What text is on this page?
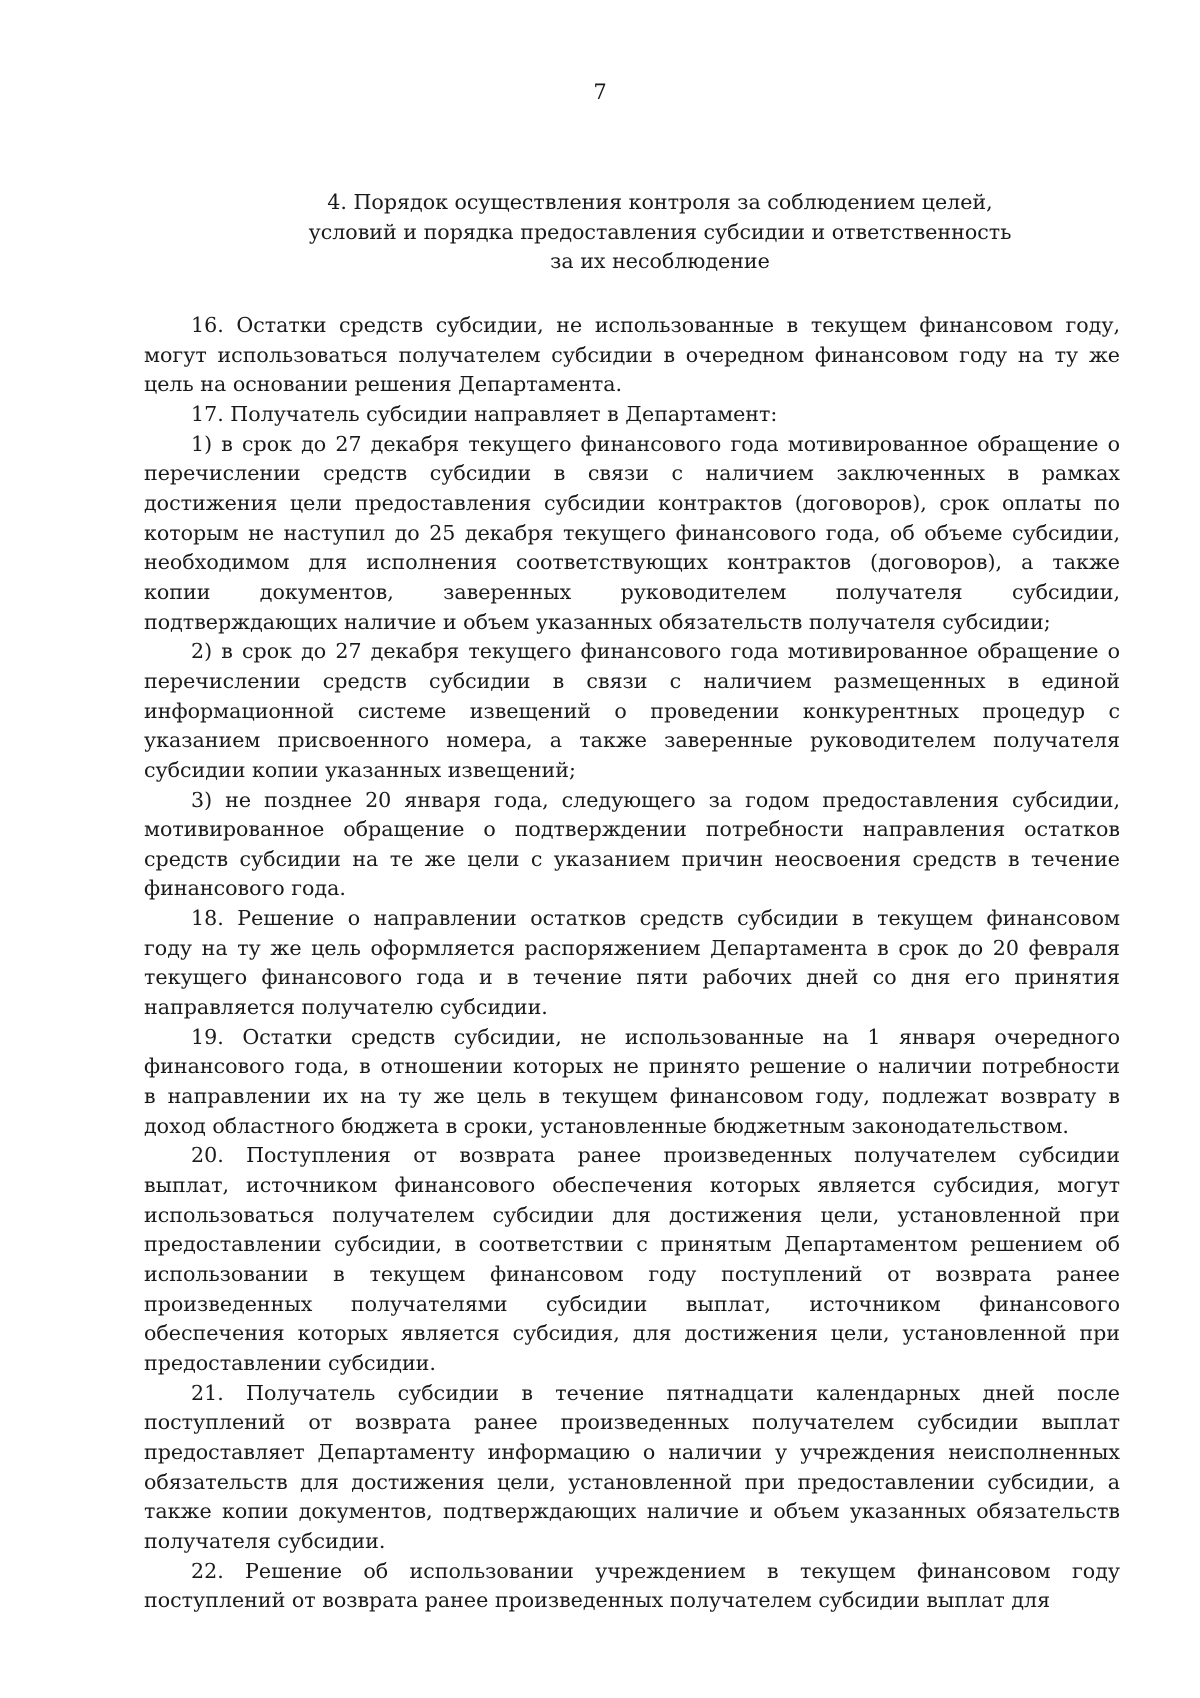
7
4. Порядок осуществления контроля за соблюдением целей,
условий и порядка предоставления субсидии и ответственность
за их несоблюдение
16. Остатки средств субсидии, не использованные в текущем финансовом году,
могут использоваться получателем субсидии в очередном финансовом году на ту же
цель на основании решения Департамента.
17. Получатель субсидии направляет в Департамент:
1) в срок до 27 декабря текущего финансового года мотивированное обращение о
перечислении средств субсидии в связи с наличием заключенных в рамках
достижения цели предоставления субсидии контрактов (договоров), срок оплаты по
которым не наступил до 25 декабря текущего финансового года, об объеме субсидии,
необходимом для исполнения соответствующих контрактов (договоров), а также
копии документов, заверенных руководителем получателя субсидии,
подтверждающих наличие и объем указанных обязательств получателя субсидии;
2) в срок до 27 декабря текущего финансового года мотивированное обращение о
перечислении средств субсидии в связи с наличием размещенных в единой
информационной системе извещений о проведении конкурентных процедур с
указанием присвоенного номера, а также заверенные руководителем получателя
субсидии копии указанных извещений;
3) не позднее 20 января года, следующего за годом предоставления субсидии,
мотивированное обращение о подтверждении потребности направления остатков
средств субсидии на те же цели с указанием причин неосвоения средств в течение
финансового года.
18. Решение о направлении остатков средств субсидии в текущем финансовом
году на ту же цель оформляется распоряжением Департамента в срок до 20 февраля
текущего финансового года и в течение пяти рабочих дней со дня его принятия
направляется получателю субсидии.
19. Остатки средств субсидии, не использованные на 1 января очередного
финансового года, в отношении которых не принято решение о наличии потребности
в направлении их на ту же цель в текущем финансовом году, подлежат возврату в
доход областного бюджета в сроки, установленные бюджетным законодательством.
20. Поступления от возврата ранее произведенных получателем субсидии
выплат, источником финансового обеспечения которых является субсидия, могут
использоваться получателем субсидии для достижения цели, установленной при
предоставлении субсидии, в соответствии с принятым Департаментом решением об
использовании в текущем финансовом году поступлений от возврата ранее
произведенных получателями субсидии выплат, источником финансового
обеспечения которых является субсидия, для достижения цели, установленной при
предоставлении субсидии.
21. Получатель субсидии в течение пятнадцати календарных дней после
поступлений от возврата ранее произведенных получателем субсидии выплат
предоставляет Департаменту информацию о наличии у учреждения неисполненных
обязательств для достижения цели, установленной при предоставлении субсидии, а
также копии документов, подтверждающих наличие и объем указанных обязательств
получателя субсидии.
22. Решение об использовании учреждением в текущем финансовом году
поступлений от возврата ранее произведенных получателем субсидии выплат для
